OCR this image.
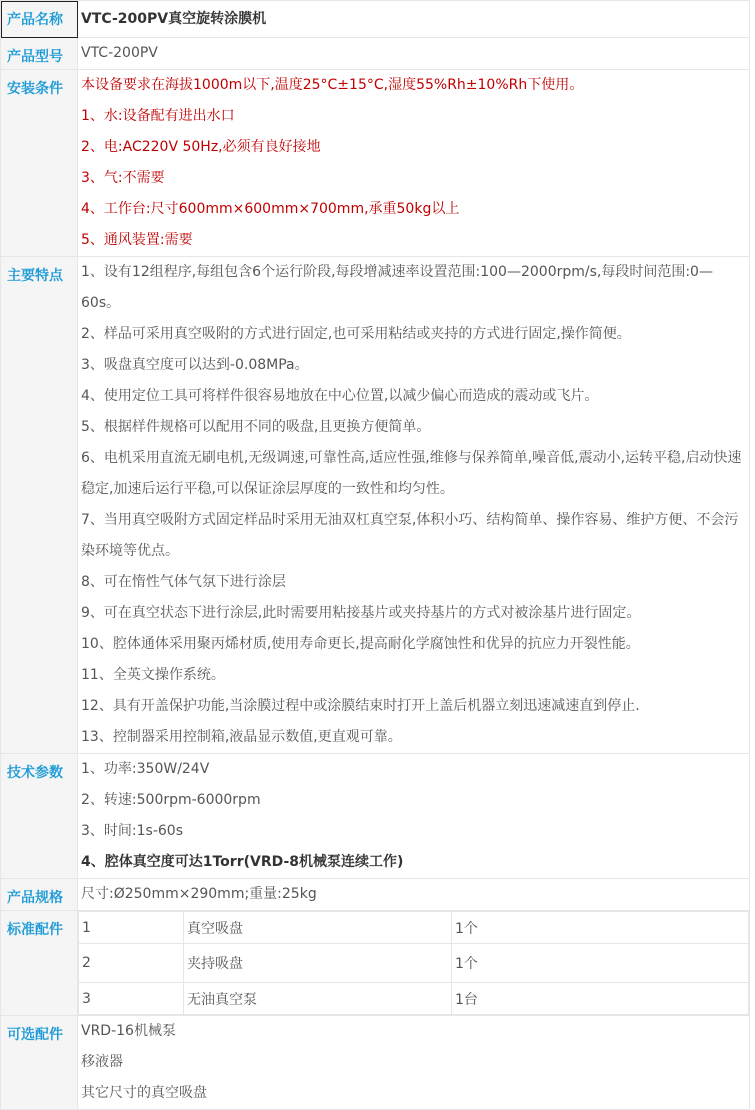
产品名称	VTC-200PV真空旋转涂膜机

产品型号	VTC-200PV

安装条件	本设备要求在海拔1000m以下,温度25°C±15°C,湿度55%Rh±10%Rh下使用。
1、水:设备配有进出水口
2、电:AC220V 50Hz,必须有良好接地
3、气:不需要
4、工作台:尺寸600mm×600mm×700mm,承重50kg以上
5、通风装置:需要

主要特点	1、设有12组程序,每组包含6个运行阶段,每段增减速率设置范围:100—2000rpm/s,每段时间范围:0—60s。
2、样品可采用真空吸附的方式进行固定,也可采用粘结或夹持的方式进行固定,操作简便。
3、吸盘真空度可以达到-0.08MPa。
4、使用定位工具可将样件很容易地放在中心位置,以减少偏心而造成的震动或飞片。
5、根据样件规格可以配用不同的吸盘,且更换方便简单。
6、电机采用直流无刷电机,无级调速,可靠性高,适应性强,维修与保养简单,噪音低,震动小,运转平稳,启动快速稳定,加速后运行平稳,可以保证涂层厚度的一致性和均匀性。
7、当用真空吸附方式固定样品时采用无油双杠真空泵,体积小巧、结构简单、操作容易、维护方便、不会污染环境等优点。
8、可在惰性气体气氛下进行涂层
9、可在真空状态下进行涂层,此时需要用粘接基片或夹持基片的方式对被涂基片进行固定。
10、腔体通体采用聚丙烯材质,使用寿命更长,提高耐化学腐蚀性和优异的抗应力开裂性能。
11、全英文操作系统。
12、具有开盖保护功能,当涂膜过程中或涂膜结束时打开上盖后机器立刻迅速减速直到停止.
13、控制器采用控制箱,液晶显示数值,更直观可靠。

技术参数	1、功率:350W/24V
2、转速:500rpm-6000rpm
3、时间:1s-60s
4、腔体真空度可达1Torr(VRD-8机械泵连续工作)

产品规格	尺寸:Ø250mm×290mm;重量:25kg

标准配件	1	真空吸盘	1个
2	夹持吸盘	1个
3	无油真空泵	1台

可选配件	VRD-16机械泵
移液器
其它尺寸的真空吸盘
